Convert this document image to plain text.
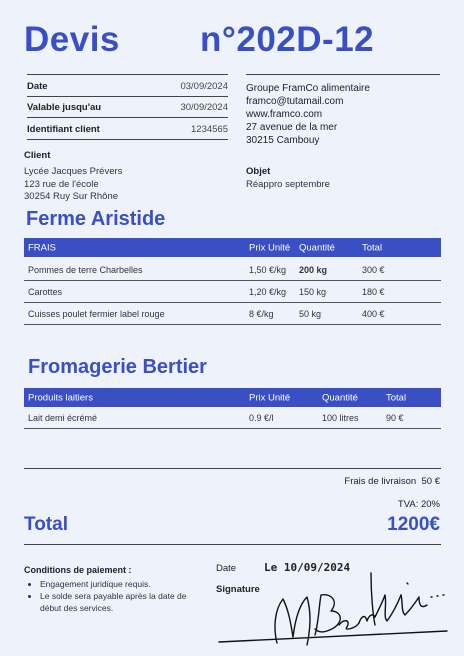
Devis n°202D-12
Date	03/09/2024
Valable jusqu'au	30/09/2024
Identifiant client	1234565
Groupe FramCo alimentaire
framco@tutamail.com
www.framco.com
27 avenue de la mer
30215 Cambouy
Client
Lycée Jacques Prévers
123 rue de l'école
30254 Ruy Sur Rhône
Objet
Réappro septembre
Ferme Aristide
FRAIS	Prix Unité Quantité	Total
Pommes de terre Charbelles	1,50 €/kg 200 kg	300 €
Carottes	1,20 €/kg 150 kg	180 €
Cuisses poulet fermier label rouge	8 €/kg	50 kg	400 €
Fromagerie Bertier
Produits laitiers	Prix Unité	Quantité	Total
Lait demi écrémé	0.9 €/l	100 litres	90 €
Frais de livraison 50 €
TVA: 20%
Total	1200€
Conditions de paiement :
• Engagement juridique requis.
• Le solde sera payable après la date de début des services.
Date	Le 10/09/2024
Signature
